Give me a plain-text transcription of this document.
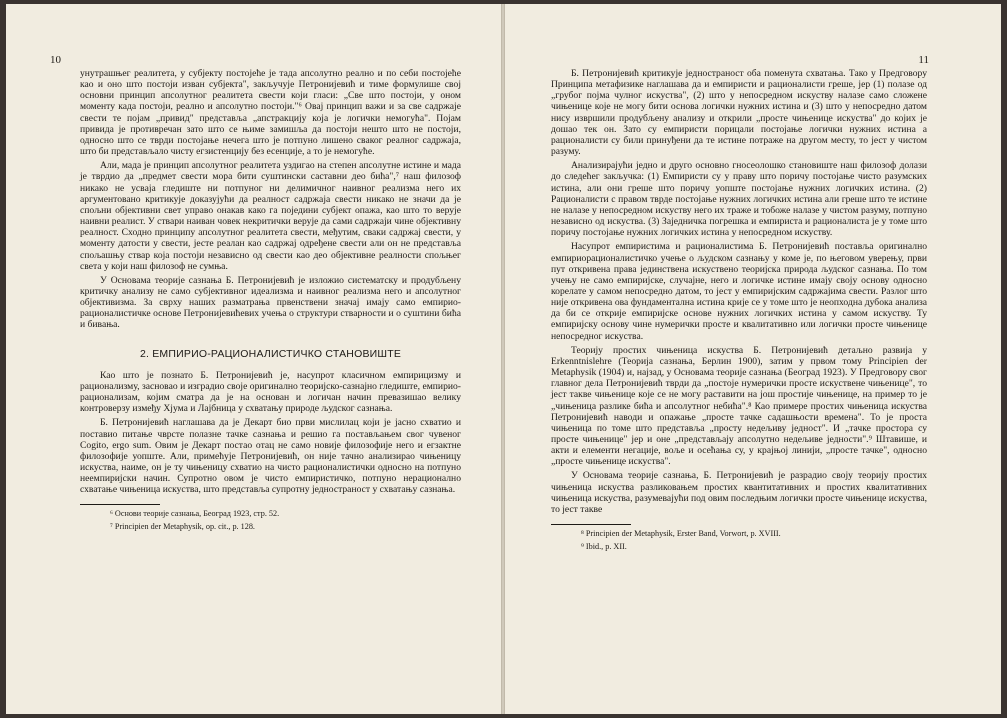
10

унутрашњег реалитета, у субјекту постојеће је тада апсолутно реално и по себи постојеће као и оно што постоји изван субјекта", закључује Петронијевић и тиме формулише свој основни принцип апсолутног реалитета свести који гласи: „Све што постоји, у оном моменту када постоји, реално и апсолутно постоји."⁶ Овај принцип важи и за све садржаје свести те појам „привид" представља „апстракцију која је логички немогућа". Појам привида је противречан зато што се њиме замишља да постоји нешто што не постоји, односно што се тврди постојање нечега што је потпуно лишено сваког реалног садржаја, што би представљало чисту егзистенцију без есенције, а то је немогуће.

Али, мада је принцип апсолутног реалитета уздигао на степен апсолутне истине и мада је тврдио да „предмет свести мора бити суштински саставни део бића",⁷ наш филозоф никако не усваја гледиште ни потпуног ни делимичног наивног реализма него их аргументовано критикује доказујући да реалност садржаја свести никако не значи да је спољни објективни свет управо онакав како га поједини субјект опажа, као што то верује наивни реалист. У ствари наиван човек некритички верује да сами садржаји чине објективну реалност. Сходно принципу апсолутног реалитета свести, међутим, сваки садржај свести, у моменту датости у свести, јесте реалан као садржај одређене свести али он не представља спољашњу ствар која постоји независно од свести као део објективне реалности спољњег света у који наш филозоф не сумња.

У Основама теорије сазнања Б. Петронијевић је изложио систематску и продубљену критичку анализу не само субјективног идеализма и наивног реализма него и апсолутног објективизма. За сврху наших разматрања првенствени значај имају само емпирио-рационалистичке основе Петронијевићевих учења о структури стварности и о суштини бића и бивања.

2. ЕМПИРИО-РАЦИОНАЛИСТИЧКО СТАНОВИШТЕ

Као што је познато Б. Петронијевић је, насупрот класичном емпирицизму и рационализму, засновао и изградио своје оригинално теоријско-сазнајно гледиште, емпирио-рационализам, којим сматра да је на основан и логичан начин превазишао велику контроверзу између Хјума и Лајбница у схватању природе људског сазнања.

Б. Петронијевић наглашава да је Декарт био први мислилац који је јасно схватио и поставио питање чврсте полазне тачке сазнања и решио га постављањем свог чувеног Cogito, ergo sum. Овим је Декарт постао отац не само новије филозофије него и егзактне филозофије уопште. Али, примећује Петронијевић, он није тачно анализирао чињеницу искуства, наиме, он је ту чињеницу схватио на чисто рационалистички односно на потпуно неемпиријски начин. Супротно овом је чисто емпиристичко, потпуно нерационално схватање чињеница искуства, што представља супротну једностраност у схватању сазнања.

⁶ Основи теорије сазнања, Београд 1923, стр. 52.

⁷ Principien der Metaphysik, op. cit., p. 128.

11

Б. Петронијевић критикује једностраност оба поменута схватања. Тако у Предговору Принципа метафизике наглашава да и емпиристи и рационалисти греше, јер (1) полазе од „грубог појма чулног искуства", (2) што у непосредном искуству налазе само сложене чињенице које не могу бити основа логички нужних истина и (3) што у непосредно датом нису извршили продубљену анализу и открили „просте чињенице искуства" до којих је дошао тек он. Зато су емпиристи порицали постојање логички нужних истина а рационалисти су били принуђени да те истине потраже на другом месту, то јест у чистом разуму.

Анализирајући једно и друго основно гносеолошко становиште наш филозоф долази до следећег закључка: (1) Емпиристи су у праву што поричу постојање чисто разумских истина, али они греше што поричу уопште постојање нужних логичких истина. (2) Рационалисти с правом тврде постојање нужних логичких истина али греше што те истине не налазе у непосредном искуству него их траже и тобоже налазе у чистом разуму, потпуно независно од искуства. (3) Заједничка погрешка и емпириста и рационалиста је у томе што поричу постојање нужних логичких истина у непосредном искуству.

Насупрот емпиристима и рационалистима Б. Петронијевић поставља оригинално емпириорационалистичко учење о људском сазнању у коме је, по његовом уверењу, први пут откривена права јединствена искуствено теоријска природа људског сазнања. По том учењу не само емпиријске, случајне, него и логичке истине имају своју основу односно корелате у самом непосредно датом, то јест у емпиријским садржајима свести. Разлог што није откривена ова фундаментална истина крије се у томе што је неопходна дубока анализа да би се открије емпиријске основе нужних логичких истина у самом искуству. Ту емпиријску основу чине нумерички просте и квалитативно или логички просте чињенице непосредног искуства.

Теорију простих чињеница искуства Б. Петронијевић детаљно развија у Erkenntnislehre (Теорија сазнања, Берлин 1900), затим у првом тому Principien der Metaphysik (1904) и, најзад, у Основама теорије сазнања (Београд 1923). У Предговору свог главног дела Петронијевић тврди да „постоје нумерички просте искуствене чињенице", то јест такве чињенице које се не могу раставити на још простије чињенице, на пример то је „чињеница разлике бића и апсолутног небића".⁸ Као примере простих чињеница искуства Петронијевић наводи и опажање „просте тачке садашњости времена". То је проста чињеница по томе што представља „просту недељиву једност". И „тачке простора су просте чињенице" јер и оне „представљају апсолутно недељиве једности".⁹ Штавише, и акти и елементи негације, воље и осећања су, у крајњој линији, „просте тачке", односно „просте чињенице искуства".

У Основама теорије сазнања, Б. Петронијевић је разрадио своју теорију простих чињеница искуства разликовањем простих квантитативних и простих квалитативних чињеница искуства, разумевајући под овим последњим логички просте чињенице искуства, то јест такве

⁸ Principien der Metaphysik, Erster Band, Vorwort, p. XVIII.

⁹ Ibid., p. XII.
